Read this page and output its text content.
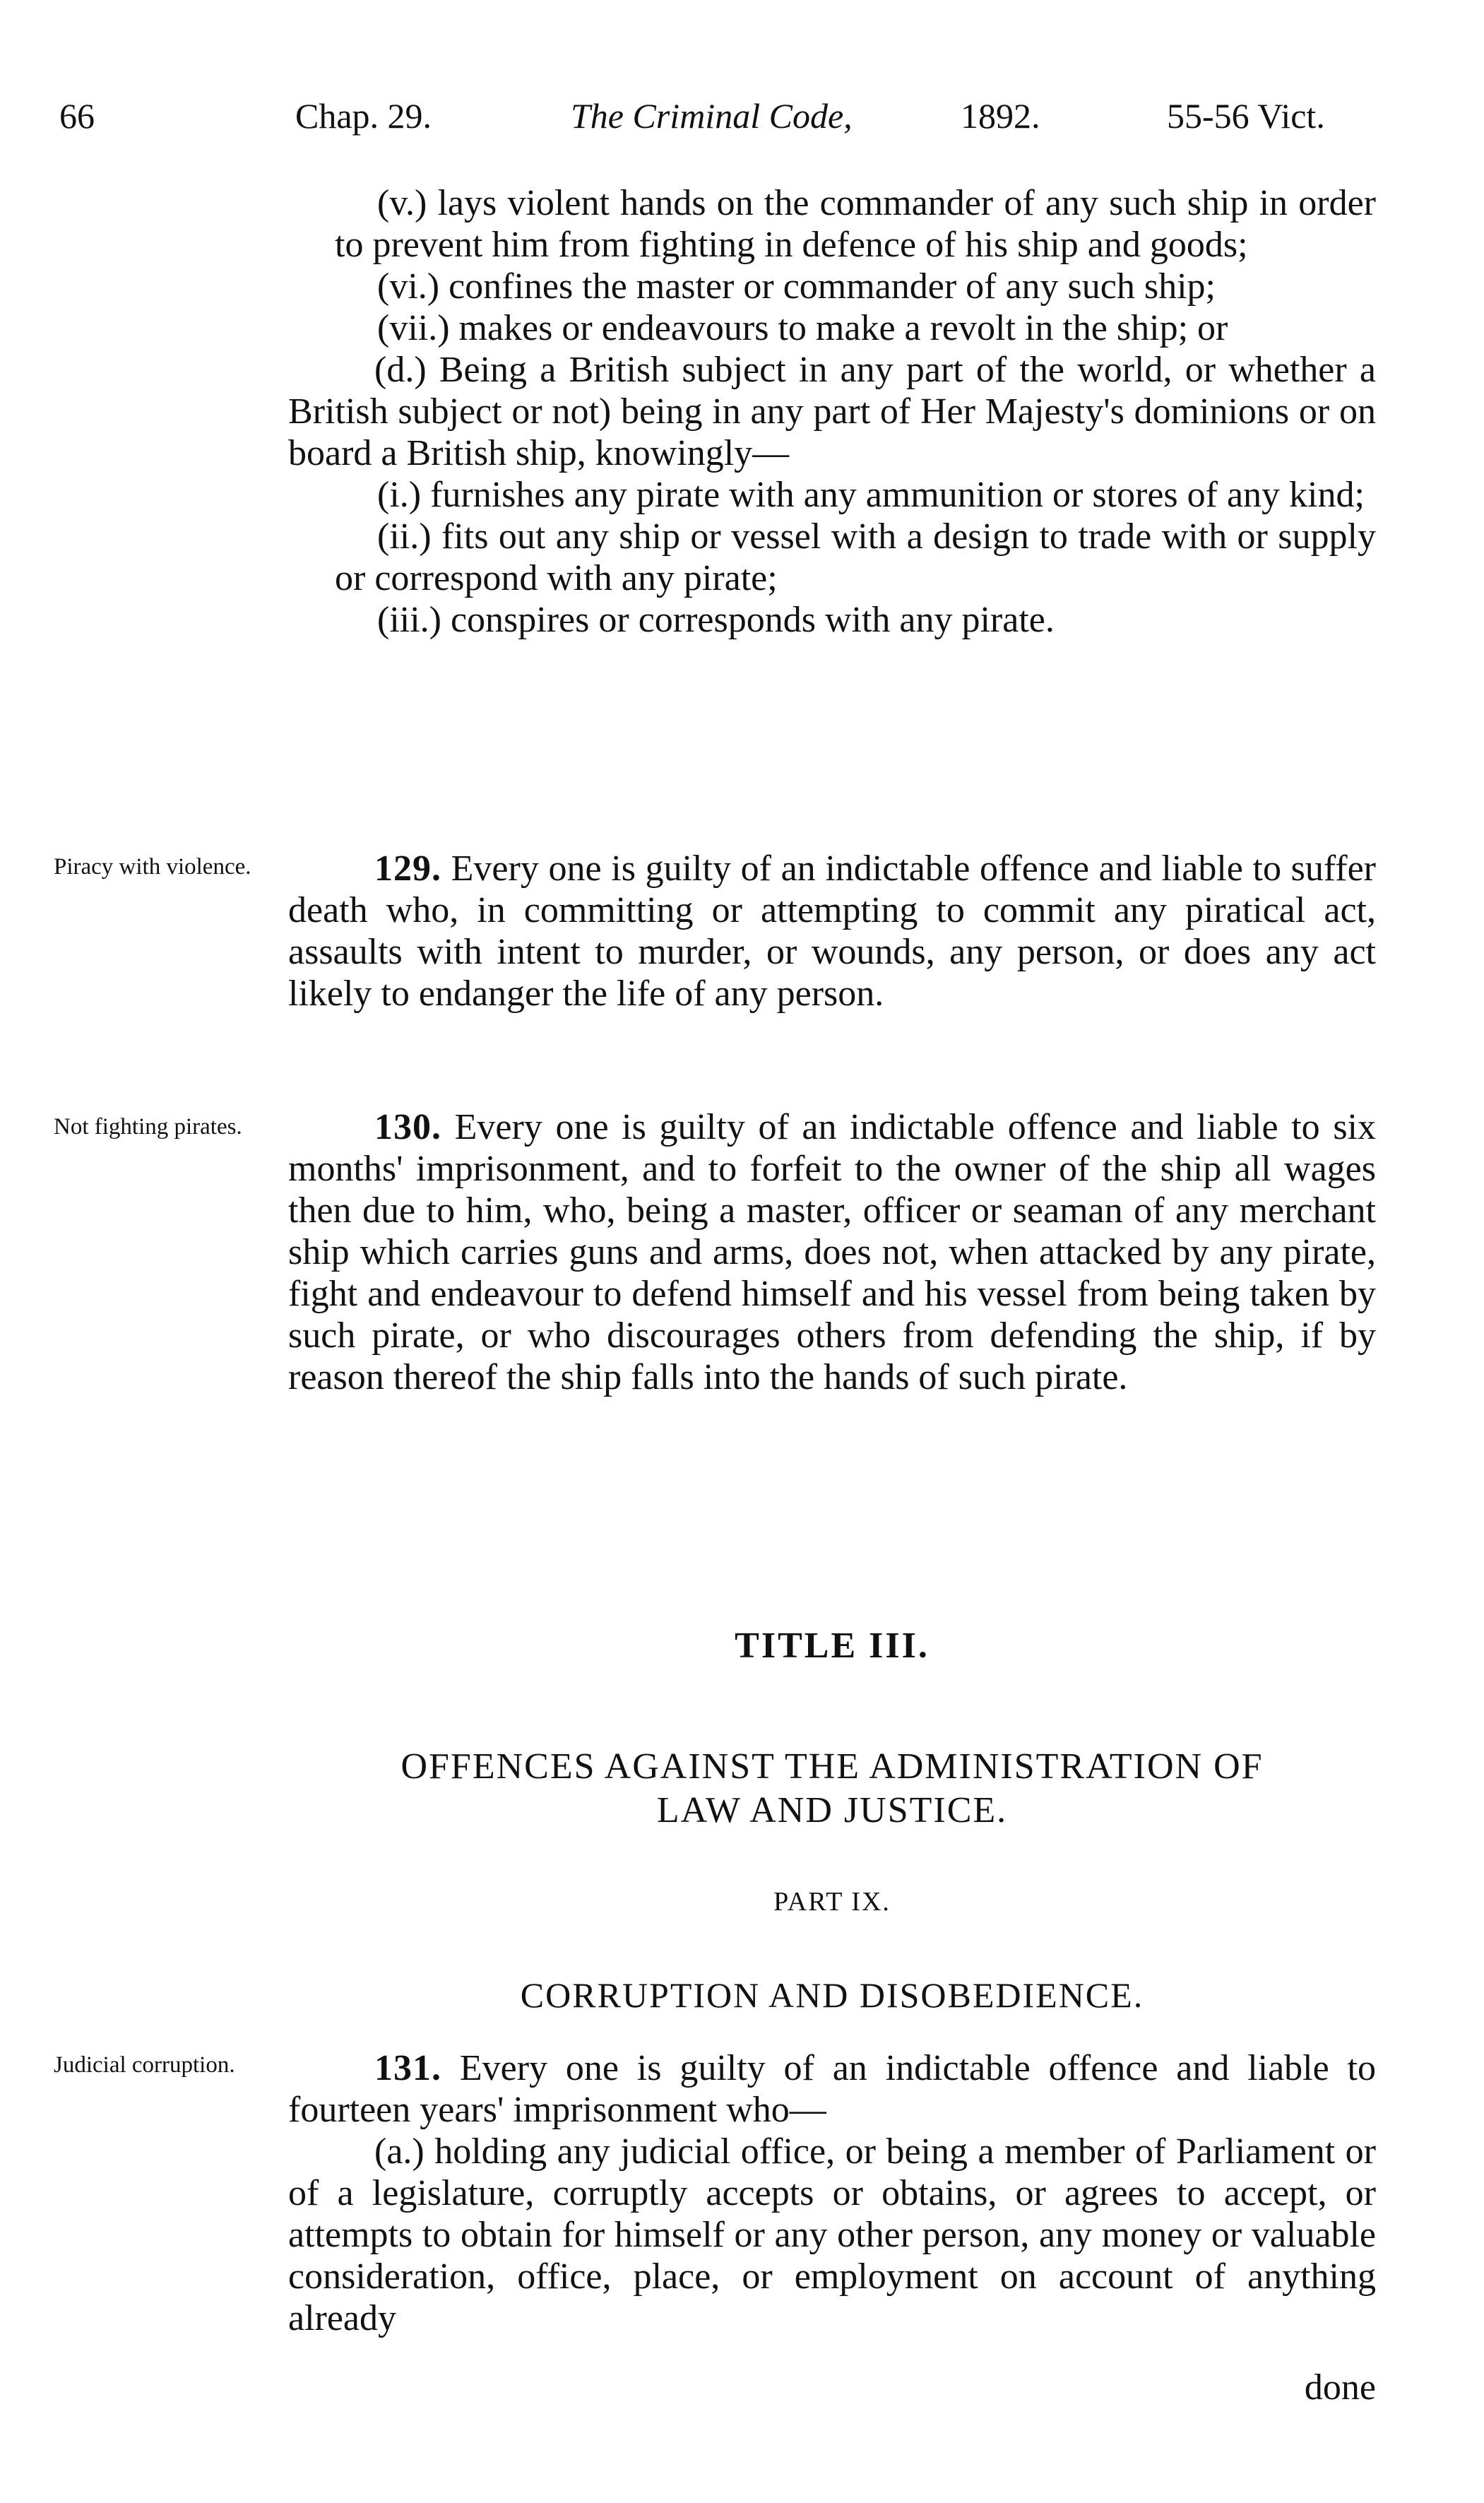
66	Chap. 29.	The Criminal Code,	1892.	55-56 Vict.

(v.) lays violent hands on the commander of any such ship in order to prevent him from fighting in defence of his ship and goods;

(vi.) confines the master or commander of any such ship;

(vii.) makes or endeavours to make a revolt in the ship; or

(d.) Being a British subject in any part of the world, or whether a British subject or not) being in any part of Her Majesty's dominions or on board a British ship, knowingly—

(i.) furnishes any pirate with any ammunition or stores of any kind;

(ii.) fits out any ship or vessel with a design to trade with or supply or correspond with any pirate;

(iii.) conspires or corresponds with any pirate.

Piracy with violence.	129. Every one is guilty of an indictable offence and liable to suffer death who, in committing or attempting to commit any piratical act, assaults with intent to murder, or wounds, any person, or does any act likely to endanger the life of any person.

Not fighting pirates.	130. Every one is guilty of an indictable offence and liable to six months' imprisonment, and to forfeit to the owner of the ship all wages then due to him, who, being a master, officer or seaman of any merchant ship which carries guns and arms, does not, when attacked by any pirate, fight and endeavour to defend himself and his vessel from being taken by such pirate, or who discourages others from defending the ship, if by reason thereof the ship falls into the hands of such pirate.

TITLE III.
OFFENCES AGAINST THE ADMINISTRATION OF
LAW AND JUSTICE.
PART IX.
CORRUPTION AND DISOBEDIENCE.
Judicial corruption.	131. Every one is guilty of an indictable offence and liable to fourteen years' imprisonment who—

(a.) holding any judicial office, or being a member of Parliament or of a legislature, corruptly accepts or obtains, or agrees to accept, or attempts to obtain for himself or any other person, any money or valuable consideration, office, place, or employment on account of anything already

done
